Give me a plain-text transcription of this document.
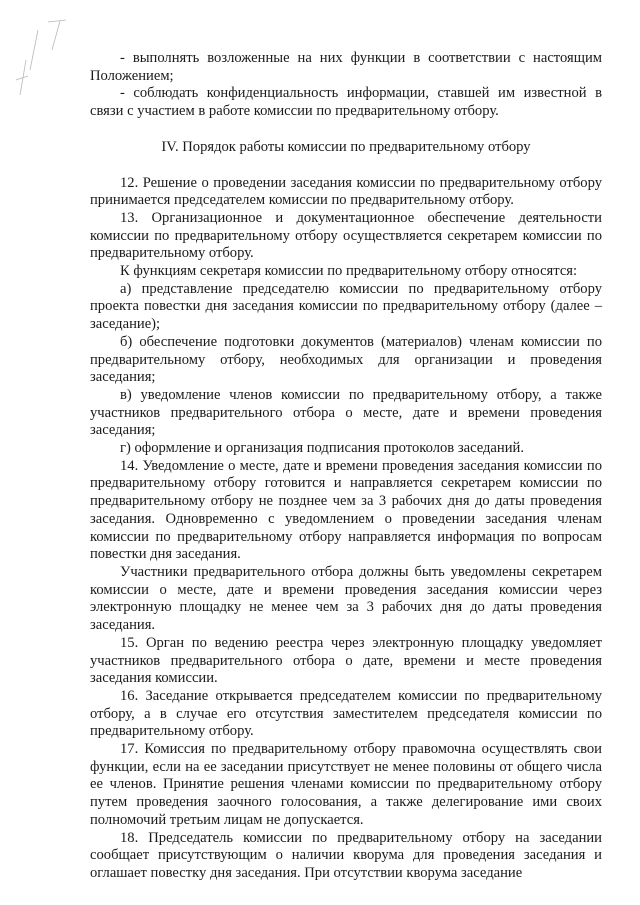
- выполнять возложенные на них функции в соответствии с настоящим Положением;

- соблюдать конфиденциальность информации, ставшей им известной в связи с участием в работе комиссии по предварительному отбору.

IV. Порядок работы комиссии по предварительному отбору

12. Решение о проведении заседания комиссии по предварительному отбору принимается председателем комиссии по предварительному отбору.

13. Организационное и документационное обеспечение деятельности комиссии по предварительному отбору осуществляется секретарем комиссии по предварительному отбору.

К функциям секретаря комиссии по предварительному отбору относятся:

а) представление председателю комиссии по предварительному отбору проекта повестки дня заседания комиссии по предварительному отбору (далее – заседание);

б) обеспечение подготовки документов (материалов) членам комиссии по предварительному отбору, необходимых для организации и проведения заседания;

в) уведомление членов комиссии по предварительному отбору, а также участников предварительного отбора о месте, дате и времени проведения заседания;

г) оформление и организация подписания протоколов заседаний.

14. Уведомление о месте, дате и времени проведения заседания комиссии по предварительному отбору готовится и направляется секретарем комиссии по предварительному отбору не позднее чем за 3 рабочих дня до даты проведения заседания. Одновременно с уведомлением о проведении заседания членам комиссии по предварительному отбору направляется информация по вопросам повестки дня заседания.

Участники предварительного отбора должны быть уведомлены секретарем комиссии о месте, дате и времени проведения заседания комиссии через электронную площадку не менее чем за 3 рабочих дня до даты проведения заседания.

15. Орган по ведению реестра через электронную площадку уведомляет участников предварительного отбора о дате, времени и месте проведения заседания комиссии.

16. Заседание открывается председателем комиссии по предварительному отбору, а в случае его отсутствия заместителем председателя комиссии по предварительному отбору.

17. Комиссия по предварительному отбору правомочна осуществлять свои функции, если на ее заседании присутствует не менее половины от общего числа ее членов. Принятие решения членами комиссии по предварительному отбору путем проведения заочного голосования, а также делегирование ими своих полномочий третьим лицам не допускается.

18. Председатель комиссии по предварительному отбору на заседании сообщает присутствующим о наличии кворума для проведения заседания и оглашает повестку дня заседания. При отсутствии кворума заседание
